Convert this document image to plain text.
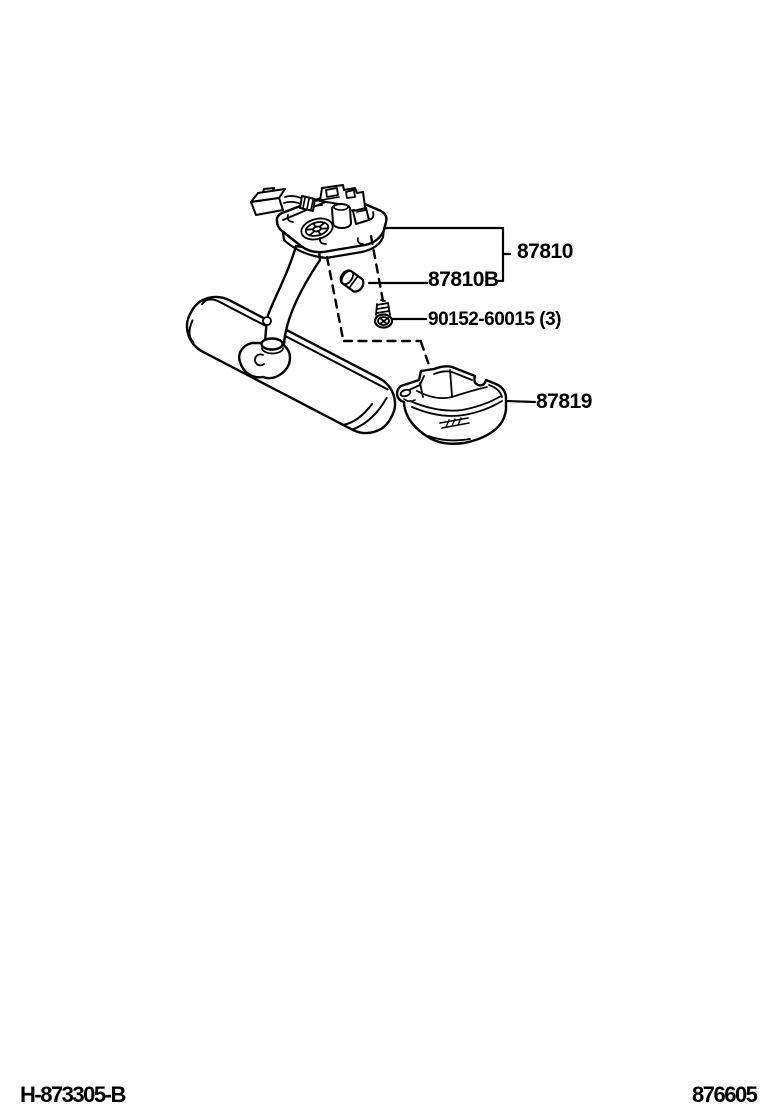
87810
87810B
90152-60015 (3)
87819
H-873305-B	876605
